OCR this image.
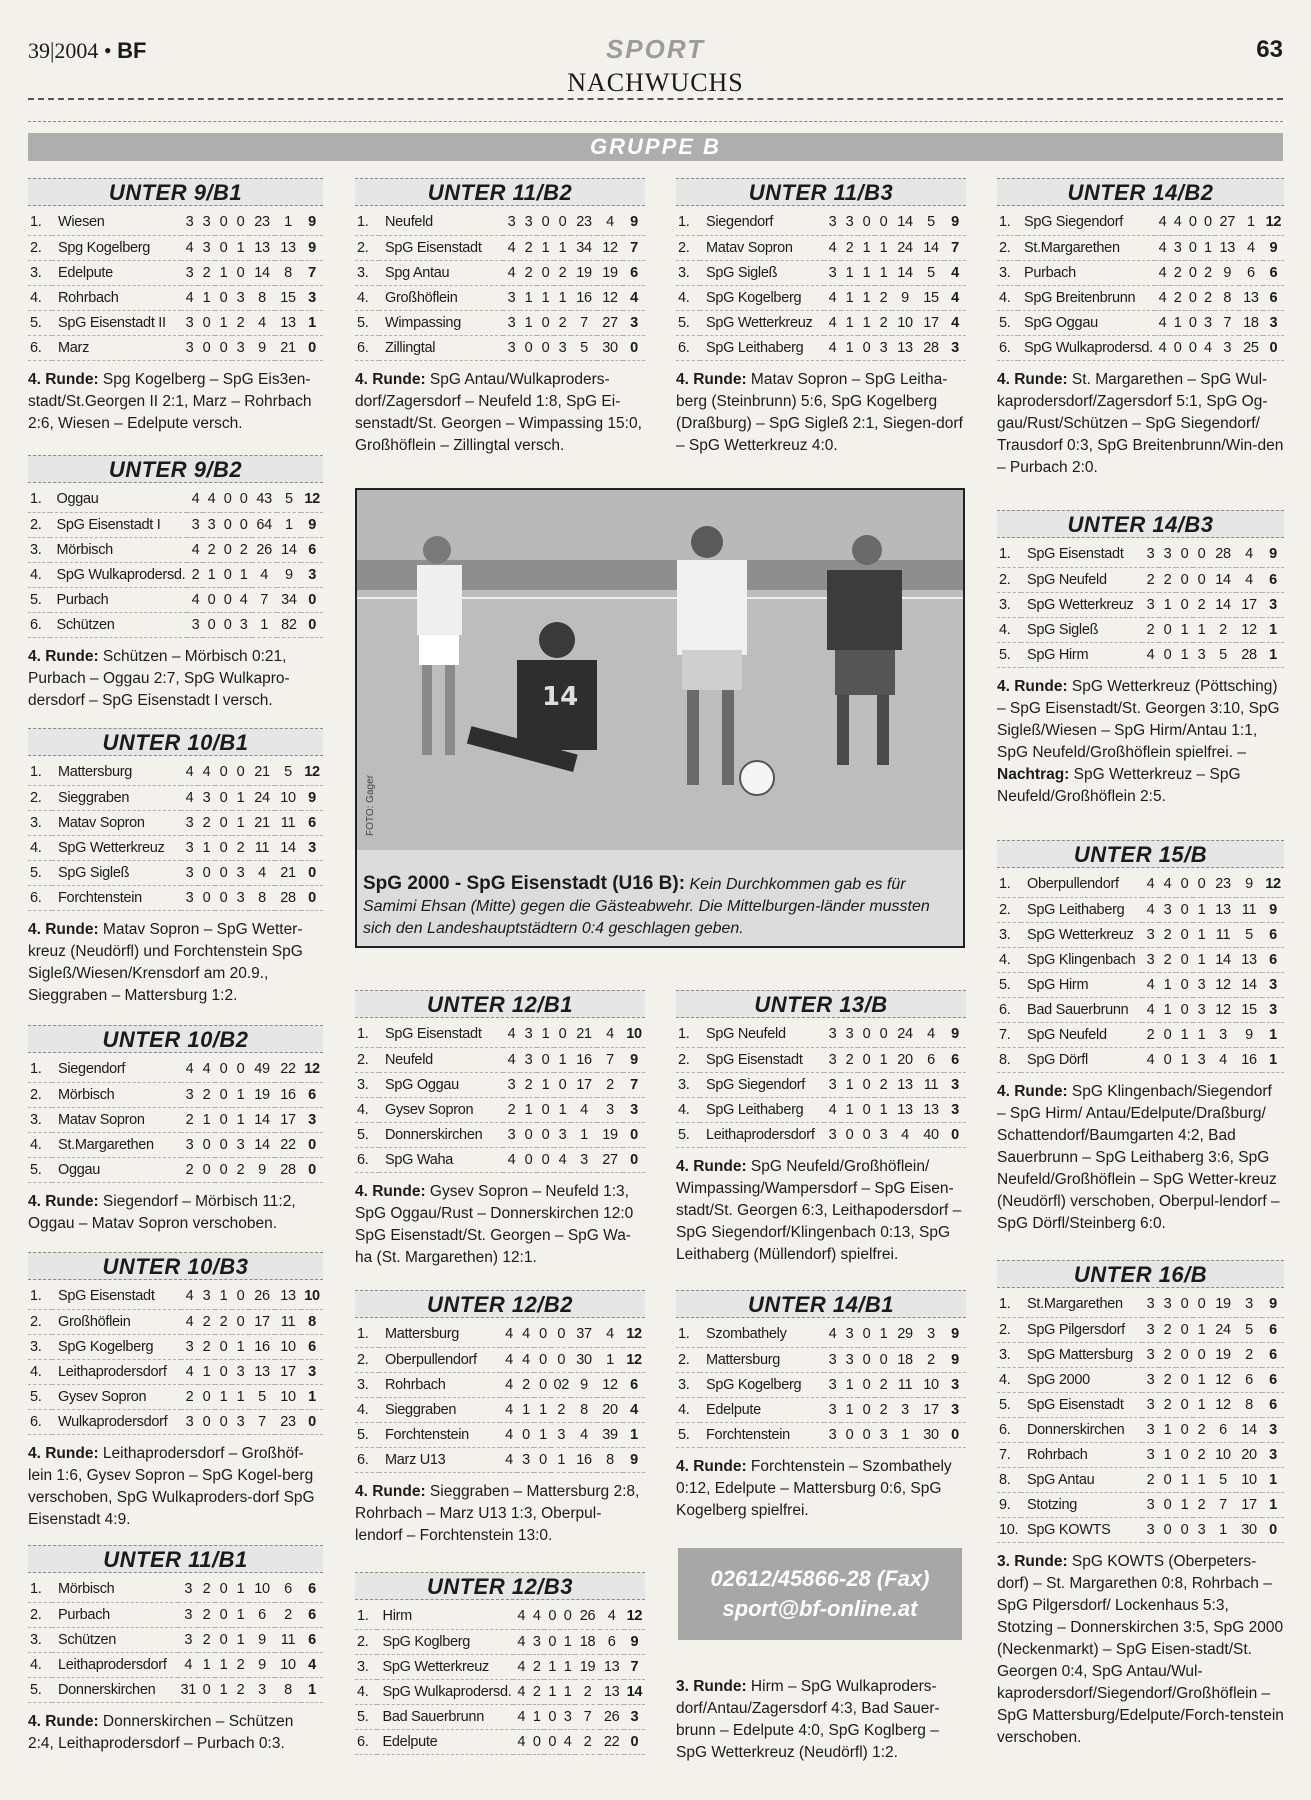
39|2004 • BF	SPORT	63
NACHWUCHS
GRUPPE B
UNTER 9/B1
1.	Wiesen	3	3	0	0	23	1	9
2.	Spg Kogelberg	4	3	0	1	13	13	9
3.	Edelpute	3	2	1	0	14	8	7
4.	Rohrbach	4	1	0	3	8	15	3
5.	SpG Eisenstadt II	3	0	1	2	4	13	1
6.	Marz	3	0	0	3	9	21	0
4. Runde: Spg Kogelberg – SpG Eis3en-stadt/St.Georgen II 2:1, Marz – Rohrbach 2:6, Wiesen – Edelpute versch.
UNTER 9/B2
1.	Oggau	4	4	0	0	43	5	12
2.	SpG Eisenstadt I	3	3	0	0	64	1	9
3.	Mörbisch	4	2	0	2	26	14	6
4.	SpG Wulkaprodersd.	2	1	0	1	4	9	3
5.	Purbach	4	0	0	4	7	34	0
6.	Schützen	3	0	0	3	1	82	0
4. Runde: Schützen – Mörbisch 0:21, Purbach – Oggau 2:7, SpG Wulkapro-dersdorf – SpG Eisenstadt I versch.
UNTER 10/B1
1.	Mattersburg	4	4	0	0	21	5	12
2.	Sieggraben	4	3	0	1	24	10	9
3.	Matav Sopron	3	2	0	1	21	11	6
4.	SpG Wetterkreuz	3	1	0	2	11	14	3
5.	SpG Sigleß	3	0	0	3	4	21	0
6.	Forchtenstein	3	0	0	3	8	28	0
4. Runde: Matav Sopron – SpG Wetter-kreuz (Neudörfl) und Forchtenstein SpG Sigleß/Wiesen/Krensdorf am 20.9., Sieggraben – Mattersburg 1:2.
UNTER 10/B2
1.	Siegendorf	4	4	0	0	49	22	12
2.	Mörbisch	3	2	0	1	19	16	6
3.	Matav Sopron	2	1	0	1	14	17	3
4.	St.Margarethen	3	0	0	3	14	22	0
5.	Oggau	2	0	0	2	9	28	0
4. Runde: Siegendorf – Mörbisch 11:2, Oggau – Matav Sopron verschoben.
UNTER 10/B3
1.	SpG Eisenstadt	4	3	1	0	26	13	10
2.	Großhöflein	4	2	2	0	17	11	8
3.	SpG Kogelberg	3	2	0	1	16	10	6
4.	Leithaprodersdorf	4	1	0	3	13	17	3
5.	Gysev Sopron	2	0	1	1	5	10	1
6.	Wulkaprodersdorf	3	0	0	3	7	23	0
4. Runde: Leithaprodersdorf – Großhöf-lein 1:6, Gysev Sopron – SpG Kogel-berg verschoben, SpG Wulkaproders-dorf SpG Eisenstadt 4:9.
UNTER 11/B1
1.	Mörbisch	3	2	0	1	10	6	6
2.	Purbach	3	2	0	1	6	2	6
3.	Schützen	3	2	0	1	9	11	6
4.	Leithaprodersdorf	4	1	1	2	9	10	4
5.	Donnerskirchen	31	0	1	2	3	8	1
4. Runde: Donnerskirchen – Schützen 2:4, Leithaprodersdorf – Purbach 0:3.
UNTER 11/B2
1.	Neufeld	3	3	0	0	23	4	9
2.	SpG Eisenstadt	4	2	1	1	34	12	7
3.	Spg Antau	4	2	0	2	19	19	6
4.	Großhöflein	3	1	1	1	16	12	4
5.	Wimpassing	3	1	0	2	7	27	3
6.	Zillingtal	3	0	0	3	5	30	0
4. Runde: SpG Antau/Wulkaproders-dorf/Zagersdorf – Neufeld 1:8, SpG Ei-senstadt/St. Georgen – Wimpassing 15:0, Großhöflein – Zillingtal versch.
UNTER 12/B1
1.	SpG Eisenstadt	4	3	1	0	21	4	10
2.	Neufeld	4	3	0	1	16	7	9
3.	SpG Oggau	3	2	1	0	17	2	7
4.	Gysev Sopron	2	1	0	1	4	3	3
5.	Donnerskirchen	3	0	0	3	1	19	0
6.	SpG Waha	4	0	0	4	3	27	0
4. Runde: Gysev Sopron – Neufeld 1:3, SpG Oggau/Rust – Donnerskirchen 12:0 SpG Eisenstadt/St. Georgen – SpG Wa-ha (St. Margarethen) 12:1.
UNTER 12/B2
1.	Mattersburg	4	4	0	0	37	4	12
2.	Oberpullendorf	4	4	0	0	30	1	12
3.	Rohrbach	4	2	0	02	9	12	6
4.	Sieggraben	4	1	1	2	8	20	4
5.	Forchtenstein	4	0	1	3	4	39	1
6.	Marz U13	4	3	0	1	16	8	9
4. Runde: Sieggraben – Mattersburg 2:8, Rohrbach – Marz U13 1:3, Oberpul-lendorf – Forchtenstein 13:0.
UNTER 12/B3
1.	Hirm	4	4	0	0	26	4	12
2.	SpG Koglberg	4	3	0	1	18	6	9
3.	SpG Wetterkreuz	4	2	1	1	19	13	7
4.	SpG Wulkaprodersd.	4	2	1	1	2	13	14
5.	Bad Sauerbrunn	4	1	0	3	7	26	3
6.	Edelpute	4	0	0	4	2	22	0
UNTER 11/B3
1.	Siegendorf	3	3	0	0	14	5	9
2.	Matav Sopron	4	2	1	1	24	14	7
3.	SpG Sigleß	3	1	1	1	14	5	4
4.	SpG Kogelberg	4	1	1	2	9	15	4
5.	SpG Wetterkreuz	4	1	1	2	10	17	4
6.	SpG Leithaberg	4	1	0	3	13	28	3
4. Runde: Matav Sopron – SpG Leitha-berg (Steinbrunn) 5:6, SpG Kogelberg (Draßburg) – SpG Sigleß 2:1, Siegen-dorf – SpG Wetterkreuz 4:0.
UNTER 13/B
1.	SpG Neufeld	3	3	0	0	24	4	9
2.	SpG Eisenstadt	3	2	0	1	20	6	6
3.	SpG Siegendorf	3	1	0	2	13	11	3
4.	SpG Leithaberg	4	1	0	1	13	13	3
5.	Leithaprodersdorf	3	0	0	3	4	40	0
4. Runde: SpG Neufeld/Großhöflein/ Wimpassing/Wampersdorf – SpG Eisen-stadt/St. Georgen 6:3, Leithapodersdorf – SpG Siegendorf/Klingenbach 0:13, SpG Leithaberg (Müllendorf) spielfrei.
UNTER 14/B1
1.	Szombathely	4	3	0	1	29	3	9
2.	Mattersburg	3	3	0	0	18	2	9
3.	SpG Kogelberg	3	1	0	2	11	10	3
4.	Edelpute	3	1	0	2	3	17	3
5.	Forchtenstein	3	0	0	3	1	30	0
4. Runde: Forchtenstein – Szombathely 0:12, Edelpute – Mattersburg 0:6, SpG Kogelberg spielfrei.
UNTER 14/B2
1.	SpG Siegendorf	4	4	0	0	27	1	12
2.	St.Margarethen	4	3	0	1	13	4	9
3.	Purbach	4	2	0	2	9	6	6
4.	SpG Breitenbrunn	4	2	0	2	8	13	6
5.	SpG Oggau	4	1	0	3	7	18	3
6.	SpG Wulkaprodersd.	4	0	0	4	3	25	0
4. Runde: St. Margarethen – SpG Wul-kaprodersdorf/Zagersdorf 5:1, SpG Og-gau/Rust/Schützen – SpG Siegendorf/ Trausdorf 0:3, SpG Breitenbrunn/Win-den – Purbach 2:0.
UNTER 14/B3
1.	SpG Eisenstadt	3	3	0	0	28	4	9
2.	SpG Neufeld	2	2	0	0	14	4	6
3.	SpG Wetterkreuz	3	1	0	2	14	17	3
4.	SpG Sigleß	2	0	1	1	2	12	1
5.	SpG Hirm	4	0	1	3	5	28	1
4. Runde: SpG Wetterkreuz (Pöttsching) – SpG Eisenstadt/St. Georgen 3:10, SpG Sigleß/Wiesen – SpG Hirm/Antau 1:1, SpG Neufeld/Großhöflein spielfrei. – Nachtrag: SpG Wetterkreuz – SpG Neufeld/Großhöflein 2:5.
UNTER 15/B
1.	Oberpullendorf	4	4	0	0	23	9	12
2.	SpG Leithaberg	4	3	0	1	13	11	9
3.	SpG Wetterkreuz	3	2	0	1	11	5	6
4.	SpG Klingenbach	3	2	0	1	14	13	6
5.	SpG Hirm	4	1	0	3	12	14	3
6.	Bad Sauerbrunn	4	1	0	3	12	15	3
7.	SpG Neufeld	2	0	1	1	3	9	1
8.	SpG Dörfl	4	0	1	3	4	16	1
4. Runde: SpG Klingenbach/Siegendorf – SpG Hirm/ Antau/Edelpute/Draßburg/ Schattendorf/Baumgarten 4:2, Bad Sauerbrunn – SpG Leithaberg 3:6, SpG Neufeld/Großhöflein – SpG Wetter-kreuz (Neudörfl) verschoben, Oberpul-lendorf – SpG Dörfl/Steinberg 6:0.
UNTER 16/B
1.	St.Margarethen	3	3	0	0	19	3	9
2.	SpG Pilgersdorf	3	2	0	1	24	5	6
3.	SpG Mattersburg	3	2	0	0	19	2	6
4.	SpG 2000	3	2	0	1	12	6	6
5.	SpG Eisenstadt	3	2	0	1	12	8	6
6.	Donnerskirchen	3	1	0	2	6	14	3
7.	Rohrbach	3	1	0	2	10	20	3
8.	SpG Antau	2	0	1	1	5	10	1
9.	Stotzing	3	0	1	2	7	17	1
10.	SpG KOWTS	3	0	0	3	1	30	0
3. Runde: SpG KOWTS (Oberpeters-dorf) – St. Margarethen 0:8, Rohrbach – SpG Pilgersdorf/ Lockenhaus 5:3, Stotzing – Donnerskirchen 3:5, SpG 2000 (Neckenmarkt) – SpG Eisen-stadt/St. Georgen 0:4, SpG Antau/Wul-kaprodersdorf/Siegendorf/Großhöflein – SpG Mattersburg/Edelpute/Forch-tenstein verschoben.
14
SpG 2000 - SpG Eisenstadt (U16 B): Kein Durchkommen gab es für Samimi Ehsan (Mitte) gegen die Gästeabwehr. Die Mittelburgen-länder mussten sich den Landeshauptstädtern 0:4 geschlagen geben.
FOTO: Gager
02612/45866-28 (Fax)
sport@bf-online.at
3. Runde: Hirm – SpG Wulkaproders-dorf/Antau/Zagersdorf 4:3, Bad Sauer-brunn – Edelpute 4:0, SpG Koglberg – SpG Wetterkreuz (Neudörfl) 1:2.
